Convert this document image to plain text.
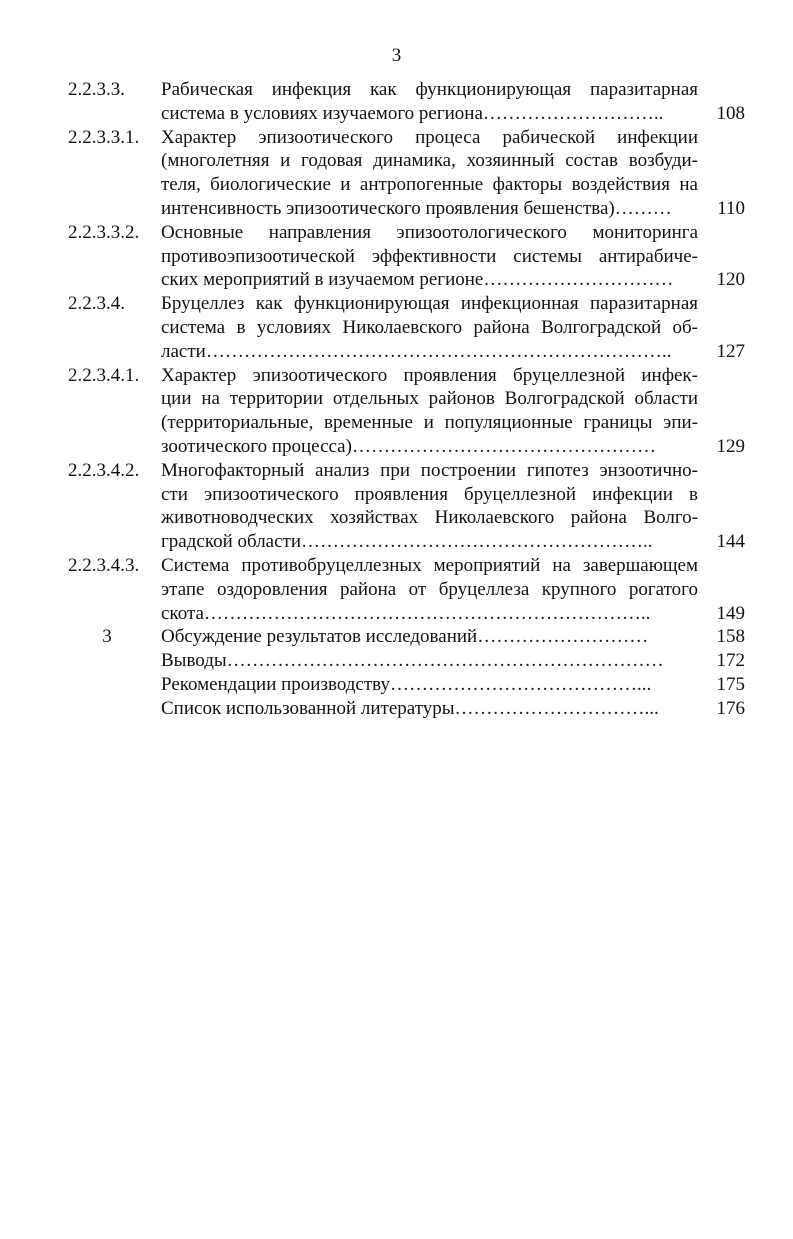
3
2.2.3.3. Рабическая инфекция как функционирующая паразитарная
система в условиях изучаемого региона………………………..	108
2.2.3.3.1. Характер эпизоотического процеса рабической инфекции
(многолетняя и годовая динамика, хозяинный состав возбуди-
теля, биологические и антропогенные факторы воздействия на
интенсивность эпизоотического проявления бешенства)………	110
2.2.3.3.2. Основные направления эпизоотологического мониторинга
противоэпизоотической эффективности системы антирабиче-
ских мероприятий в изучаемом регионе…………………………	120
2.2.3.4. Бруцеллез как функционирующая инфекционная паразитарная
система в условиях Николаевского района Волгоградской об-
ласти………………………………………………………………..	127
2.2.3.4.1. Характер эпизоотического проявления бруцеллезной инфек-
ции на территории отдельных районов Волгоградской области
(территориальные, временные и популяционные границы эпи-
зоотического процесса)…………………………………………	129
2.2.3.4.2. Многофакторный анализ при построении гипотез энзоотично-
сти эпизоотического проявления бруцеллезной инфекции в
животноводческих хозяйствах Николаевского района Волго-
градской области………………………………………………..	144
2.2.3.4.3. Система противобруцеллезных мероприятий на завершающем
этапе оздоровления района от бруцеллеза крупного рогатого
скота……………………………………………………………..	149
3	Обсуждение результатов исследований………………………	158
Выводы……………………………………………………………	172
Рекомендации производству…………………………………...	175
Список использованной литературы…………………………...	176
